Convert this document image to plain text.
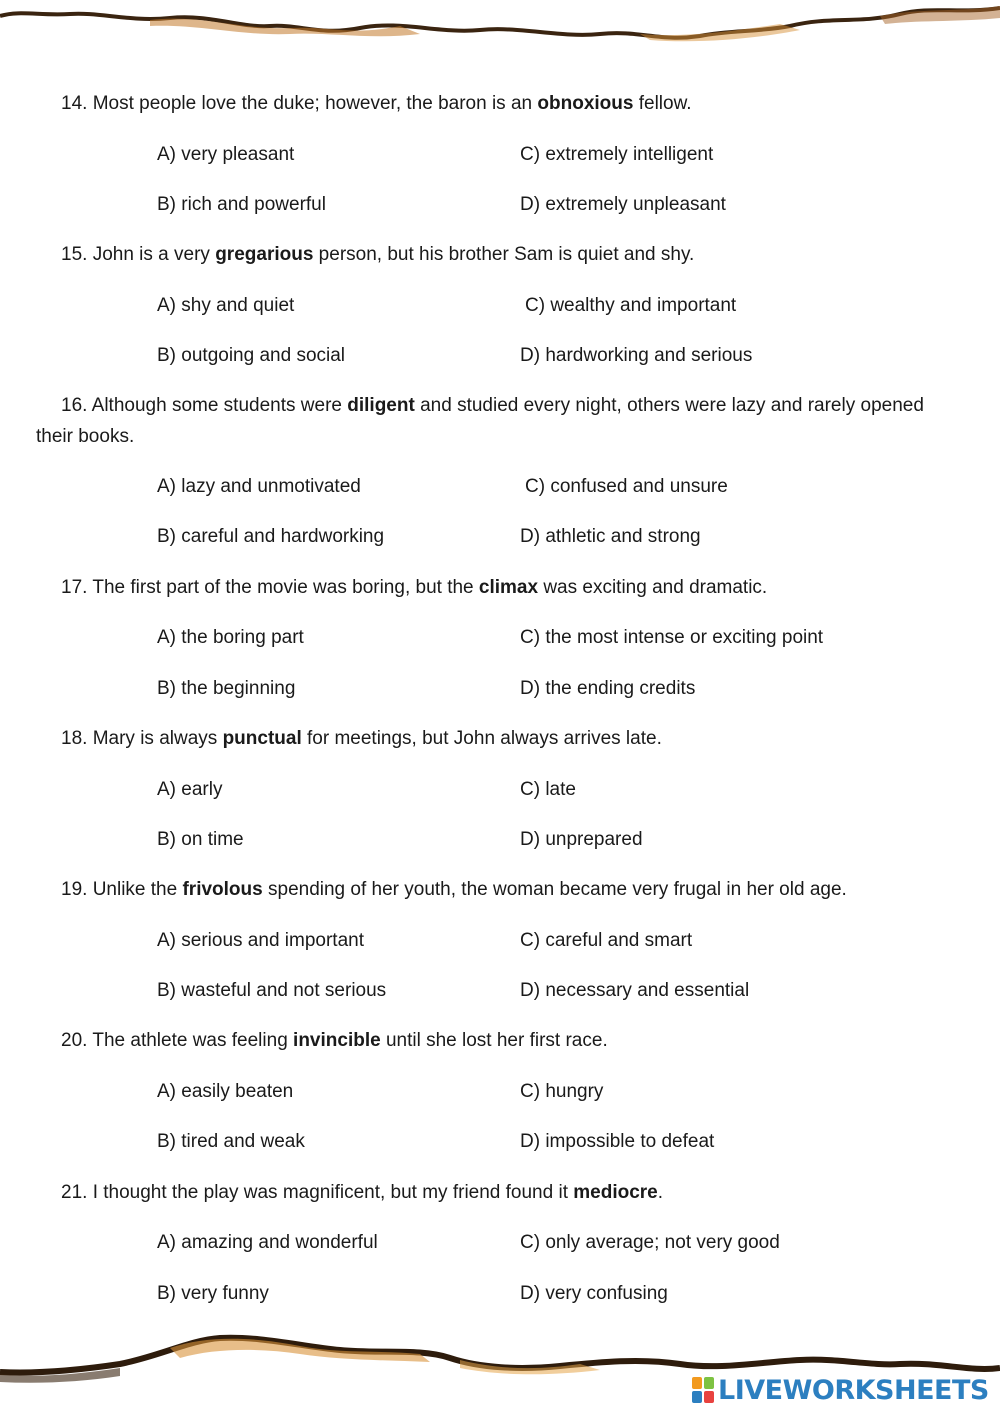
14. Most people love the duke; however, the baron is an obnoxious fellow.
A) very pleasant	C) extremely intelligent
B) rich and powerful	D) extremely unpleasant
15. John is a very gregarious person, but his brother Sam is quiet and shy.
A) shy and quiet	C) wealthy and important
B) outgoing and social	D) hardworking and serious
16. Although some students were diligent and studied every night, others were lazy and rarely opened their books.
A) lazy and unmotivated	C) confused and unsure
B) careful and hardworking	D) athletic and strong
17. The first part of the movie was boring, but the climax was exciting and dramatic.
A) the boring part	C) the most intense or exciting point
B) the beginning	D) the ending credits
18. Mary is always punctual for meetings, but John always arrives late.
A) early	C) late
B) on time	D) unprepared
19. Unlike the frivolous spending of her youth, the woman became very frugal in her old age.
A) serious and important	C) careful and smart
B) wasteful and not serious	D) necessary and essential
20. The athlete was feeling invincible until she lost her first race.
A) easily beaten	C) hungry
B) tired and weak	D) impossible to defeat
21. I thought the play was magnificent, but my friend found it mediocre.
A) amazing and wonderful	C) only average; not very good
B) very funny	D) very confusing
LIVEWORKSHEETS
